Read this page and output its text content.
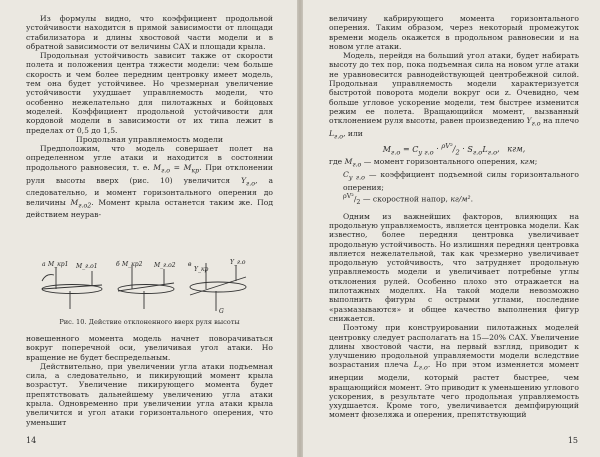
Из формулы видно, что коэффициент продольной устойчивости находится в прямой зависимости от площади стабилизатора и длины хвостовой части модели и в обратной зависимости от величины САХ и площади крыла.

Продольная устойчивость зависит также от скорости полета и положения центра тяжести модели: чем больше скорость и чем более передним центровку имеет модель, тем она будет устойчивее. Но чрезмерная увеличение устойчивости ухудшает управляемость модели, что особенно нежелательно для пилотажных и бойцовых моделей. Коэффициент продольной устойчивости для кордовой модели в зависимости от их типа лежит в пределах от 0,5 до 1,5.

Продольная управляемость модели

Предположим, что модель совершает полет на определенном угле атаки и находится в состоянии продольного равновесия, т. е. $M_{г.о} = M_{кр}$. При отклонении руля высоты вверх (рис. 10) увеличится $Y_{г.о}$, а следовательно, и момент горизонтального оперения до величины $M_{г.о2}$. Момент крыла останется таким же. Под действием неурав-

а M_кр1 M_г.о1	б M_кр2 M_г.о2 в
Y_кр
Y_г.о
G
Рис. 10. Действие отклоненного вверх руля высоты

новешенного момента модель начнет поворачиваться вокруг поперечной оси, увеличивая угол атаки. Но вращение не будет беспредельным.

Действительно, при увеличении угла атаки подъемная сила, а следовательно, и пикирующий момент крыла возрастут. Увеличение пикирующего момента будет препятствовать дальнейшему увеличению угла атаки крыла. Одновременно при увеличении угла атаки крыла увеличится и угол атаки горизонтального оперения, что уменьшит

14

величину кабрирующего момента горизонтального оперения. Таким образом, через некоторый промежуток времени модель окажется в продольном равновесии и на новом угле атаки.

Модель, перейдя на больший угол атаки, будет набирать высоту до тех пор, пока подъемная сила на новом угле атаки не уравновесится равнодействующей центробежной силой. Продольная управляемость модели характеризуется быстротой поворота модели вокруг оси z. Очевидно, чем больше угловое ускорение модели, тем быстрее изменится режим ее полета. Вращающийся момент, вызванный отклонением руля высоты, равен произведению $Y_{г.о}$ на плечо $L_{г.о}$, или

$M_{г.о} = C_{y г.о} \cdot ^{\rho V^2}/_2 \cdot S_{г.о}L_{г.о}$,   кгм,

где $M_{г.о}$ — момент горизонтального оперения, кгм;

$C_{y г.о}$ — коэффициент подъемной силы горизонтального оперения;

$^{\rho V^2}/_2$ — скоростной напор, кг/м².

Одним из важнейших факторов, влияющих на продольную управляемость, является центровка модели. Как известно, более передняя центровка увеличивает продольную устойчивость. Но излишняя передняя центровка является нежелательной, так как чрезмерно увеличивает продольную устойчивость, что затрудняет продольную управляемость модели и увеличивает потребные углы отклонения рулей. Особенно плохо это отражается на пилотажных моделях. На такой модели невозможно выполнить фигуры с острыми углами, последние «размазываются» и общее качество выполнения фигур снижается.

Поэтому при конструировании пилотажных моделей центровку следует располагать на 15—20% САХ. Увеличение длины хвостовой части, на первый взгляд, приводит к улучшению продольной управляемости модели вследствие возрастания плеча $L_{г.о}$. Но при этом изменяется момент инерции модели, который растет быстрее, чем вращающийся момент. Это приводит к уменьшению углового ускорения, в результате чего продольная управляемость ухудшается. Кроме того, увеличивается демпфирующий момент фюзеляжа и оперения, препятствующий

15
